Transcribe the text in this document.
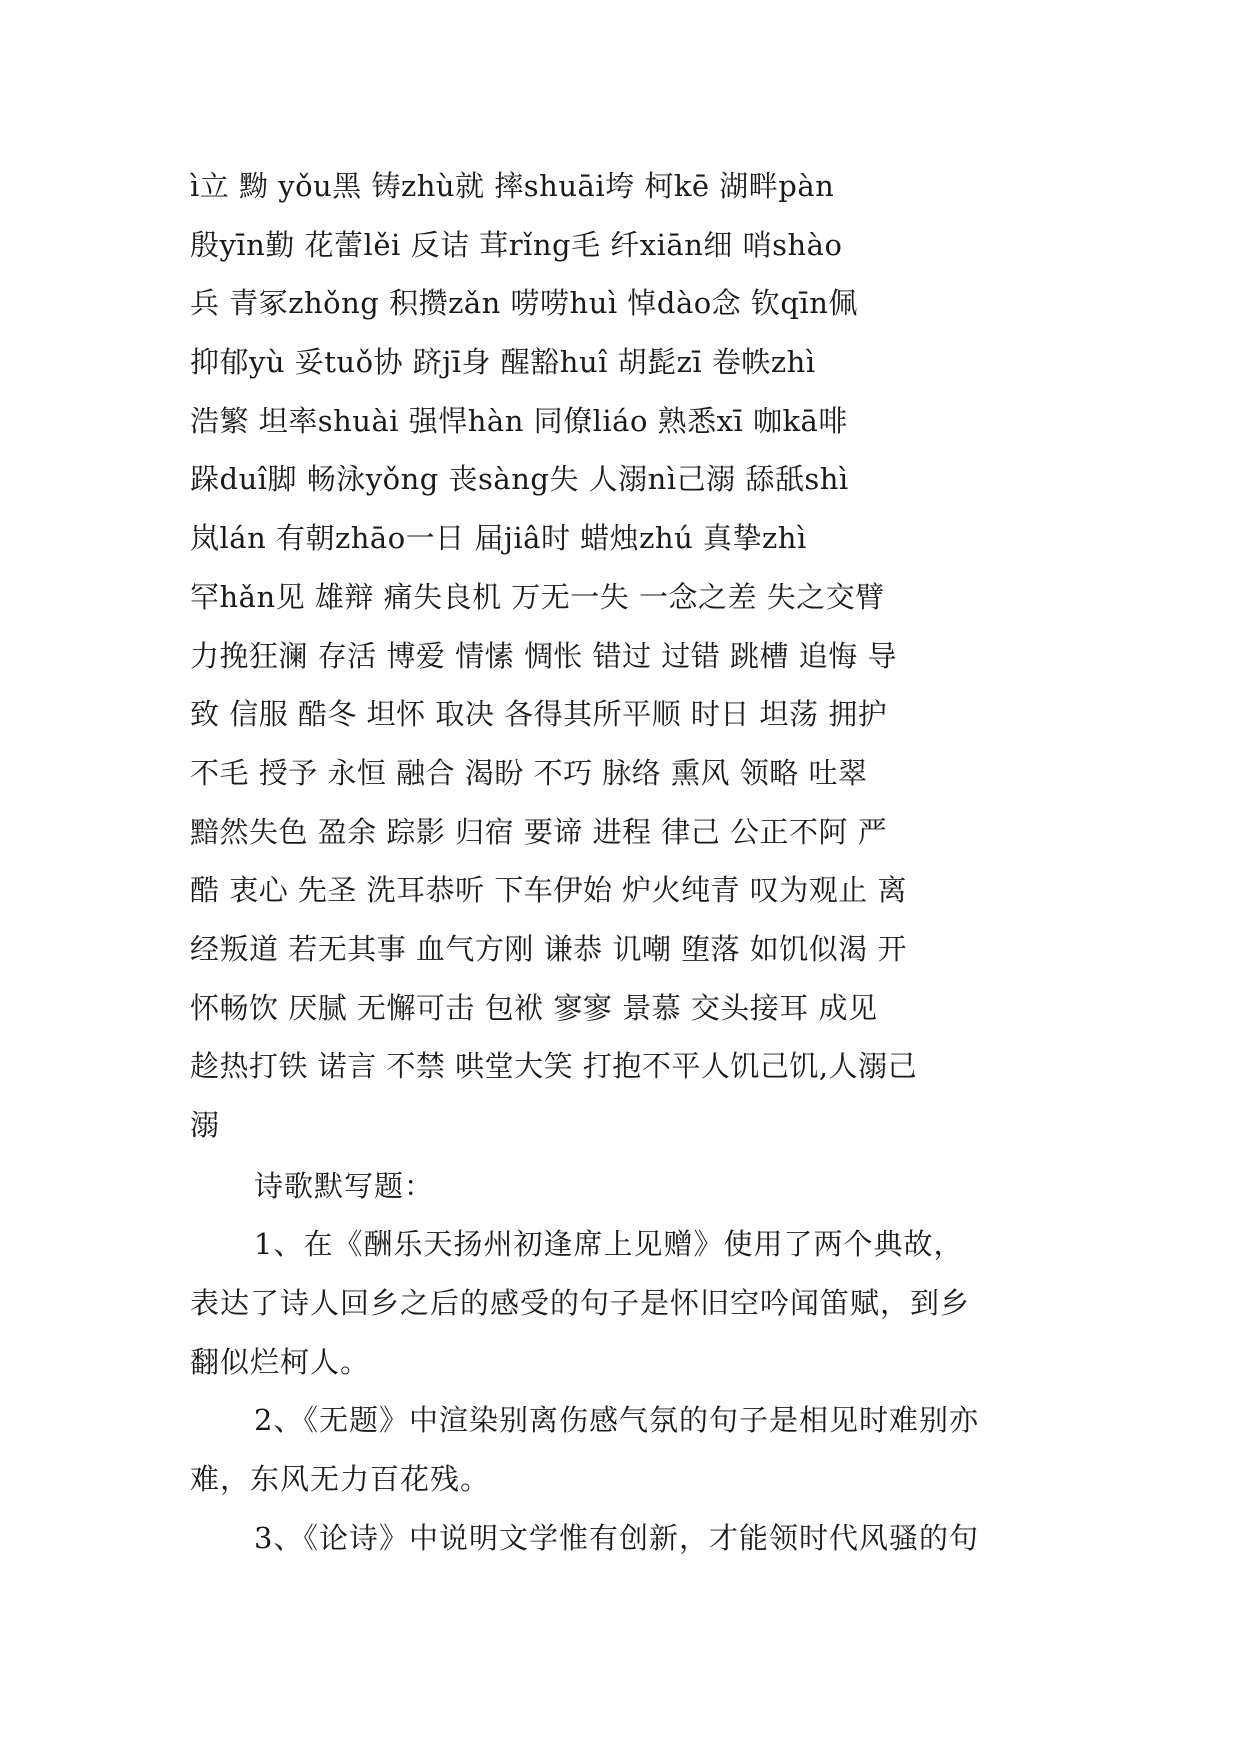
ì立 黝 yǒu黑 铸zhù就 摔shuāi垮 柯kē 湖畔pàn
殷yīn勤 花蕾lěi 反诘 茸rǐng毛 纤xiān细 哨shào
兵 青冢zhǒng 积攒zǎn 唠唠huì 悼dào念 钦qīn佩
抑郁yù 妥tuǒ协 跻jī身 醒豁huî 胡髭zī 卷帙zhì
浩繁 坦率shuài 强悍hàn 同僚liáo 熟悉xī 咖kā啡
跺duî脚 畅泳yǒng 丧sàng失 人溺nì己溺 舔舐shì
岚lán 有朝zhāo一日 届jiâ时 蜡烛zhú 真挚zhì
罕hǎn见 雄辩 痛失良机 万无一失 一念之差 失之交臂
力挽狂澜 存活 博爱 情愫 惆怅 错过 过错 跳槽 追悔 导
致 信服 酷冬 坦怀 取决 各得其所平顺 时日 坦荡 拥护
不毛 授予 永恒 融合 渴盼 不巧 脉络 熏风 领略 吐翠
黯然失色 盈余 踪影 归宿 要谛 进程 律己 公正不阿 严
酷 衷心 先圣 洗耳恭听 下车伊始 炉火纯青 叹为观止 离
经叛道 若无其事 血气方刚 谦恭 讥嘲 堕落 如饥似渴 开
怀畅饮 厌腻 无懈可击 包袱 寥寥 景慕 交头接耳 成见
趁热打铁 诺言 不禁 哄堂大笑 打抱不平人饥己饥,人溺己
溺
诗歌默写题：
1、在《酬乐天扬州初逢席上见赠》使用了两个典故，
表达了诗人回乡之后的感受的句子是怀旧空吟闻笛赋，到乡
翻似烂柯人。
2、《无题》中渲染别离伤感气氛的句子是相见时难别亦
难，东风无力百花残。
3、《论诗》中说明文学惟有创新，才能领时代风骚的句
